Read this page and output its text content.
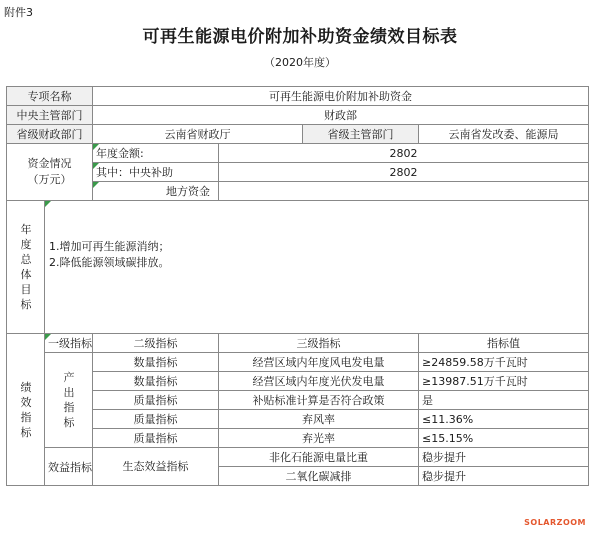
附件3
可再生能源电价附加补助资金绩效目标表
（2020年度）
专项名称		可再生能源电价附加补助资金			
中央主管部门		财政部			
省级财政部门		云南省财政厅		省级主管部门	云南省发改委、能源局

资金情况
（万元）		年度金额:	2802		
		其中：中央补助	2802		
		地方资金			

年度总体目标	1.增加可再生能源消纳；
2.降低能源领域碳排放。				

绩效指标	一级指标	二级指标	三级指标		指标值

	产出指标	数量指标	经营区域内年度风电发电量		≥24859.58万千瓦时
		数量指标	经营区域内年度光伏发电量		≥13987.51万千瓦时
		质量指标	补贴标准计算是否符合政策		是
		质量指标	弃风率		≤11.36%
		质量指标	弃光率		≤15.15%
	效益指标	生态效益指标	非化石能源电量比重		稳步提升
			二氧化碳减排		稳步提升
SOLARZOOM
